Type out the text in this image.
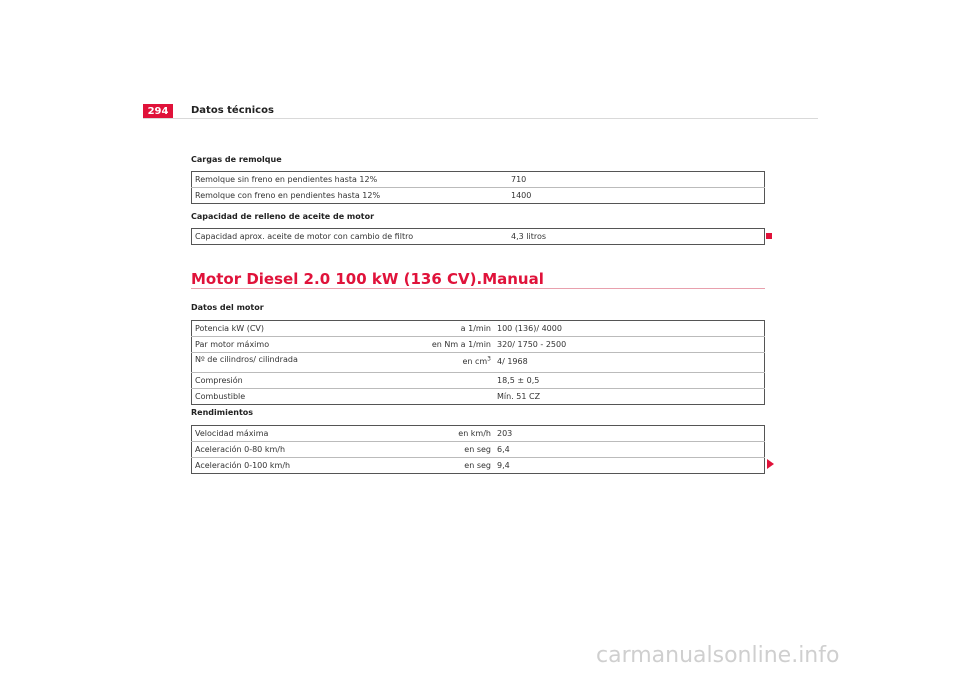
294	Datos técnicos
Cargas de remolque
Remolque sin freno en pendientes hasta 12%	710
Remolque con freno en pendientes hasta 12%	1400
Capacidad de relleno de aceite de motor
Capacidad aprox. aceite de motor con cambio de filtro	4,3 litros
Motor Diesel 2.0 100 kW (136 CV).Manual
Datos del motor
Potencia kW (CV)	a 1/min	100 (136)/ 4000
Par motor máximo	en Nm a 1/min	320/ 1750 - 2500
Nº de cilindros/ cilindrada	en $cm^3$	4/ 1968
Compresión		18,5 ± 0,5
Combustible		Mín. 51 CZ
Rendimientos
Velocidad máxima	en km/h	203
Aceleración 0-80 km/h	en seg	6,4
Aceleración 0-100 km/h	en seg	9,4
carmanualsonline.info
